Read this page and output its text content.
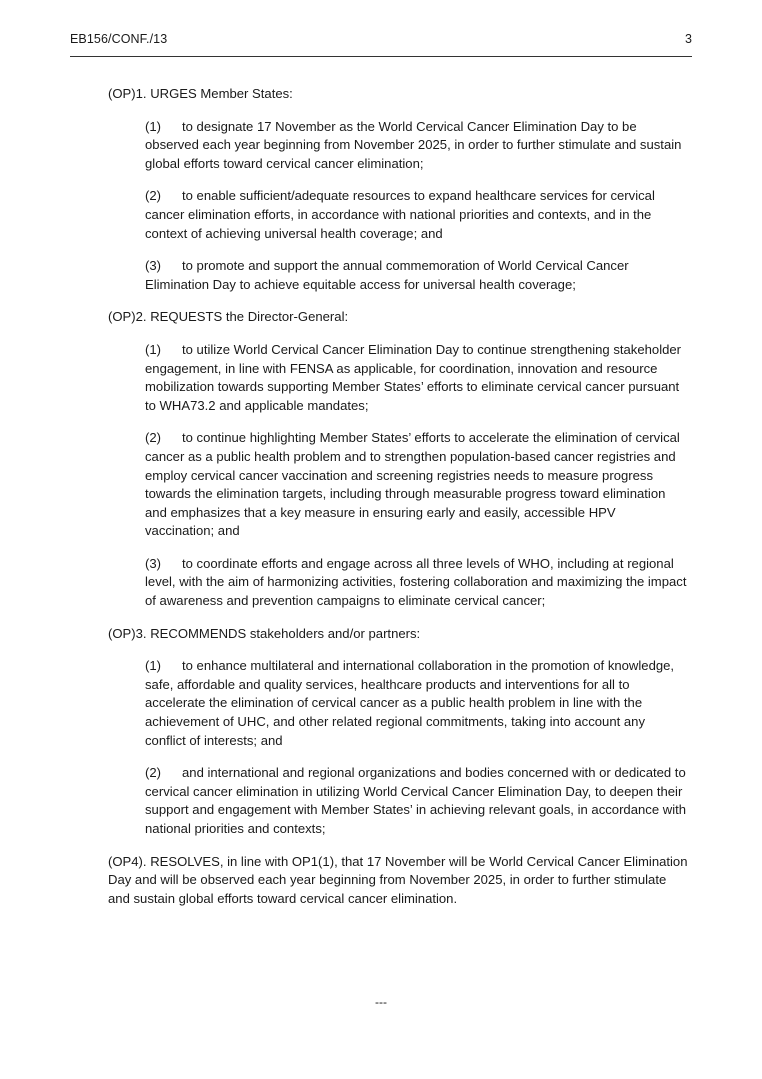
EB156/CONF./13	3

(OP)1. URGES Member States:

(1) to designate 17 November as the World Cervical Cancer Elimination Day to be observed each year beginning from November 2025, in order to further stimulate and sustain global efforts toward cervical cancer elimination;

(2) to enable sufficient/adequate resources to expand healthcare services for cervical cancer elimination efforts, in accordance with national priorities and contexts, and in the context of achieving universal health coverage; and

(3) to promote and support the annual commemoration of World Cervical Cancer Elimination Day to achieve equitable access for universal health coverage;

(OP)2. REQUESTS the Director-General:

(1) to utilize World Cervical Cancer Elimination Day to continue strengthening stakeholder engagement, in line with FENSA as applicable, for coordination, innovation and resource mobilization towards supporting Member States’ efforts to eliminate cervical cancer pursuant to WHA73.2 and applicable mandates;

(2) to continue highlighting Member States’ efforts to accelerate the elimination of cervical cancer as a public health problem and to strengthen population-based cancer registries and employ cervical cancer vaccination and screening registries needs to measure progress towards the elimination targets, including through measurable progress toward elimination and emphasizes that a key measure in ensuring early and easily, accessible HPV vaccination; and

(3) to coordinate efforts and engage across all three levels of WHO, including at regional level, with the aim of harmonizing activities, fostering collaboration and maximizing the impact of awareness and prevention campaigns to eliminate cervical cancer;

(OP)3. RECOMMENDS stakeholders and/or partners:

(1) to enhance multilateral and international collaboration in the promotion of knowledge, safe, affordable and quality services, healthcare products and interventions for all to accelerate the elimination of cervical cancer as a public health problem in line with the achievement of UHC, and other related regional commitments, taking into account any conflict of interests; and

(2) and international and regional organizations and bodies concerned with or dedicated to cervical cancer elimination in utilizing World Cervical Cancer Elimination Day, to deepen their support and engagement with Member States’ in achieving relevant goals, in accordance with national priorities and contexts;

(OP4). RESOLVES, in line with OP1(1), that 17 November will be World Cervical Cancer Elimination Day and will be observed each year beginning from November 2025, in order to further stimulate and sustain global efforts toward cervical cancer elimination.

---
